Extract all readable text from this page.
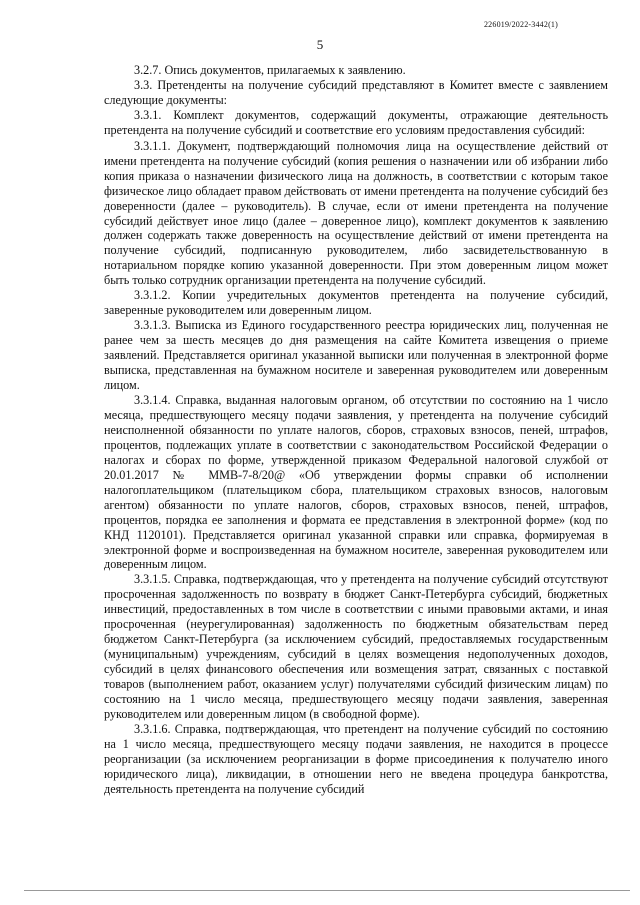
226019/2022-3442(1)
5

3.2.7. Опись документов, прилагаемых к заявлению.

3.3. Претенденты на получение субсидий представляют в Комитет вместе с заявлением следующие документы:

3.3.1. Комплект документов, содержащий документы, отражающие деятельность претендента на получение субсидий и соответствие его условиям предоставления субсидий:

3.3.1.1. Документ, подтверждающий полномочия лица на осуществление действий от имени претендента на получение субсидий (копия решения о назначении или об избрании либо копия приказа о назначении физического лица на должность, в соответствии с которым такое физическое лицо обладает правом действовать от имени претендента на получение субсидий без доверенности (далее – руководитель). В случае, если от имени претендента на получение субсидий действует иное лицо (далее – доверенное лицо), комплект документов к заявлению должен содержать также доверенность на осуществление действий от имени претендента на получение субсидий, подписанную руководителем, либо засвидетельствованную в нотариальном порядке копию указанной доверенности. При этом доверенным лицом может быть только сотрудник организации претендента на получение субсидий.

3.3.1.2. Копии учредительных документов претендента на получение субсидий, заверенные руководителем или доверенным лицом.

3.3.1.3. Выписка из Единого государственного реестра юридических лиц, полученная не ранее чем за шесть месяцев до дня размещения на сайте Комитета извещения о приеме заявлений. Представляется оригинал указанной выписки или полученная в электронной форме выписка, представленная на бумажном носителе и заверенная руководителем или доверенным лицом.

3.3.1.4. Справка, выданная налоговым органом, об отсутствии по состоянию на 1 число месяца, предшествующего месяцу подачи заявления, у претендента на получение субсидий неисполненной обязанности по уплате налогов, сборов, страховых взносов, пеней, штрафов, процентов, подлежащих уплате в соответствии с законодательством Российской Федерации о налогах и сборах по форме, утвержденной приказом Федеральной налоговой службой от 20.01.2017 № ММВ-7-8/20@ «Об утверждении формы справки об исполнении налогоплательщиком (плательщиком сбора, плательщиком страховых взносов, налоговым агентом) обязанности по уплате налогов, сборов, страховых взносов, пеней, штрафов, процентов, порядка ее заполнения и формата ее представления в электронной форме» (код по КНД 1120101). Представляется оригинал указанной справки или справка, формируемая в электронной форме и воспроизведенная на бумажном носителе, заверенная руководителем или доверенным лицом.

3.3.1.5. Справка, подтверждающая, что у претендента на получение субсидий отсутствуют просроченная задолженность по возврату в бюджет Санкт-Петербурга субсидий, бюджетных инвестиций, предоставленных в том числе в соответствии с иными правовыми актами, и иная просроченная (неурегулированная) задолженность по бюджетным обязательствам перед бюджетом Санкт-Петербурга (за исключением субсидий, предоставляемых государственным (муниципальным) учреждениям, субсидий в целях возмещения недополученных доходов, субсидий в целях финансового обеспечения или возмещения затрат, связанных с поставкой товаров (выполнением работ, оказанием услуг) получателями субсидий физическим лицам) по состоянию на 1 число месяца, предшествующего месяцу подачи заявления, заверенная руководителем или доверенным лицом (в свободной форме).

3.3.1.6. Справка, подтверждающая, что претендент на получение субсидий по состоянию на 1 число месяца, предшествующего месяцу подачи заявления, не находится в процессе реорганизации (за исключением реорганизации в форме присоединения к получателю иного юридического лица), ликвидации, в отношении него не введена процедура банкротства, деятельность претендента на получение субсидий
